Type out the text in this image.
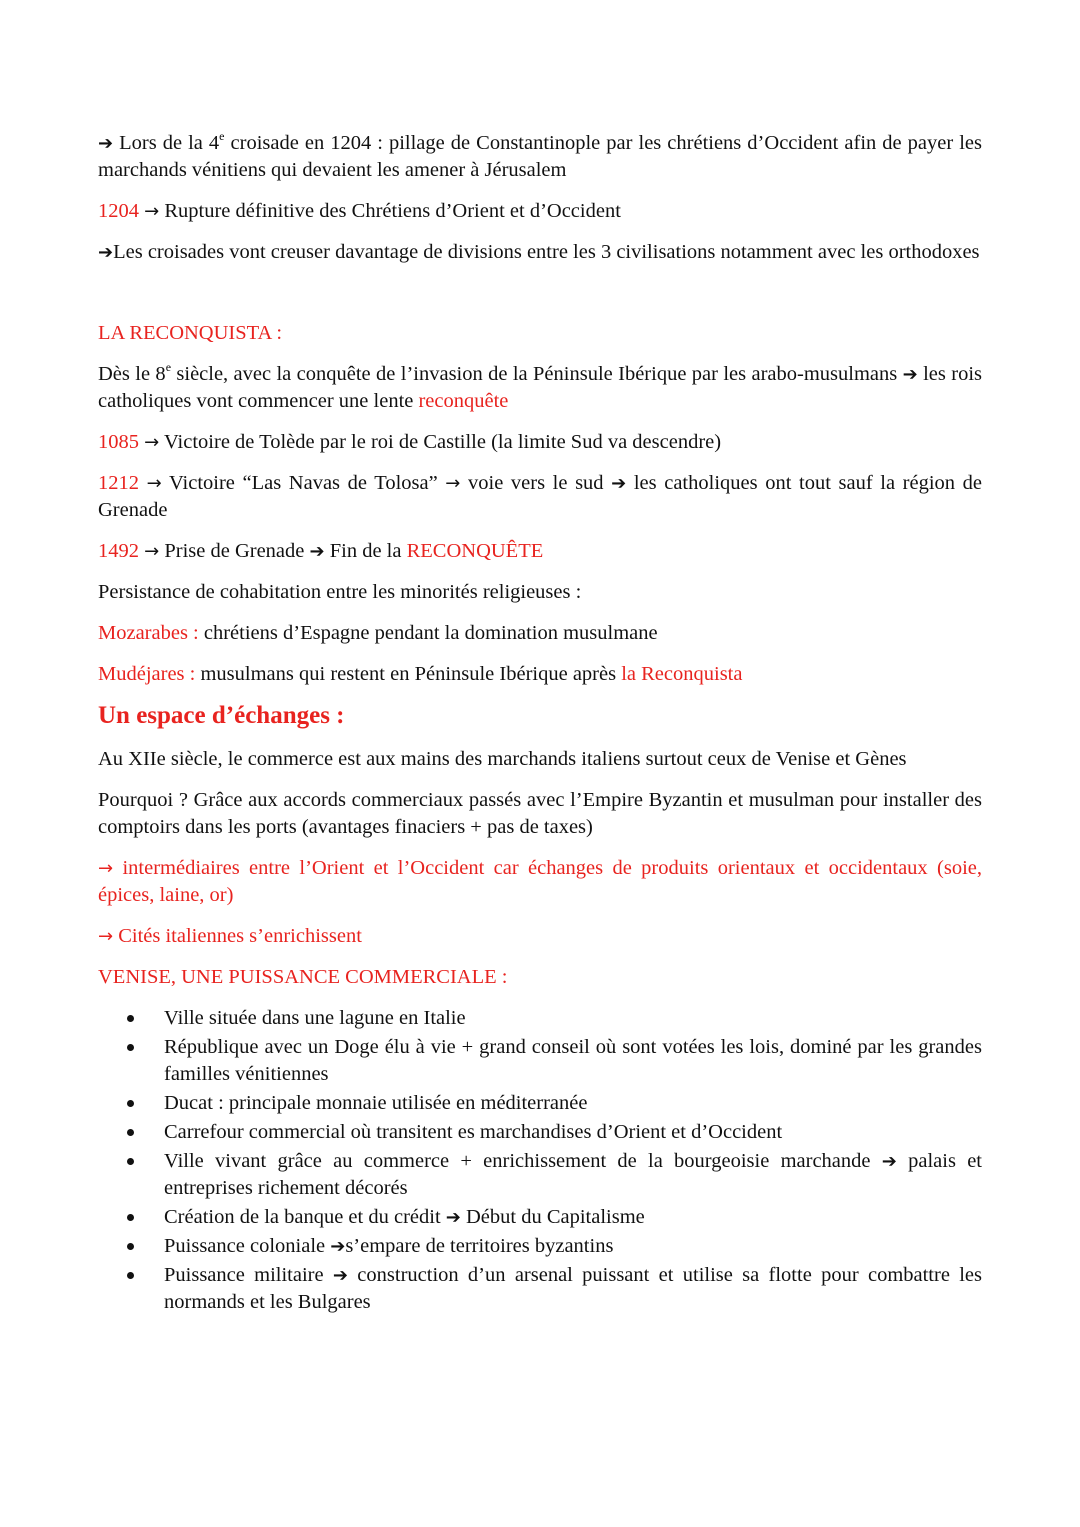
➔ Lors de la 4e croisade en 1204 : pillage de Constantinople par les chrétiens d’Occident afin de payer les marchands vénitiens qui devaient les amener à Jérusalem

1204 → Rupture définitive des Chrétiens d’Orient et d’Occident

➔Les croisades vont creuser davantage de divisions entre les 3 civilisations notamment avec les orthodoxes

LA RECONQUISTA :

Dès le 8e siècle, avec la conquête de l’invasion de la Péninsule Ibérique par les arabo-musulmans ➔ les rois catholiques vont commencer une lente reconquête

1085 → Victoire de Tolède par le roi de Castille (la limite Sud va descendre)

1212 → Victoire “Las Navas de Tolosa” → voie vers le sud ➔ les catholiques ont tout sauf la région de Grenade

1492 → Prise de Grenade ➔ Fin de la RECONQUÊTE

Persistance de cohabitation entre les minorités religieuses :

Mozarabes : chrétiens d’Espagne pendant la domination musulmane

Mudéjares : musulmans qui restent en Péninsule Ibérique après la Reconquista

Un espace d’échanges :

Au XIIe siècle, le commerce est aux mains des marchands italiens surtout ceux de Venise et Gènes

Pourquoi ? Grâce aux accords commerciaux passés avec l’Empire Byzantin et musulman pour installer des comptoirs dans les ports (avantages finaciers + pas de taxes)

→ intermédiaires entre l’Orient et l’Occident car échanges de produits orientaux et occidentaux (soie, épices, laine, or)

→ Cités italiennes s’enrichissent

VENISE, UNE PUISSANCE COMMERCIALE :

Ville située dans une lagune en Italie
République avec un Doge élu à vie + grand conseil où sont votées les lois, dominé par les grandes familles vénitiennes
Ducat : principale monnaie utilisée en méditerranée
Carrefour commercial où transitent es marchandises d’Orient et d’Occident
Ville vivant grâce au commerce + enrichissement de la bourgeoisie marchande ➔ palais et entreprises richement décorés
Création de la banque et du crédit ➔ Début du Capitalisme
Puissance coloniale ➔s’empare de territoires byzantins
Puissance militaire ➔ construction d’un arsenal puissant et utilise sa flotte pour combattre les normands et les Bulgares
